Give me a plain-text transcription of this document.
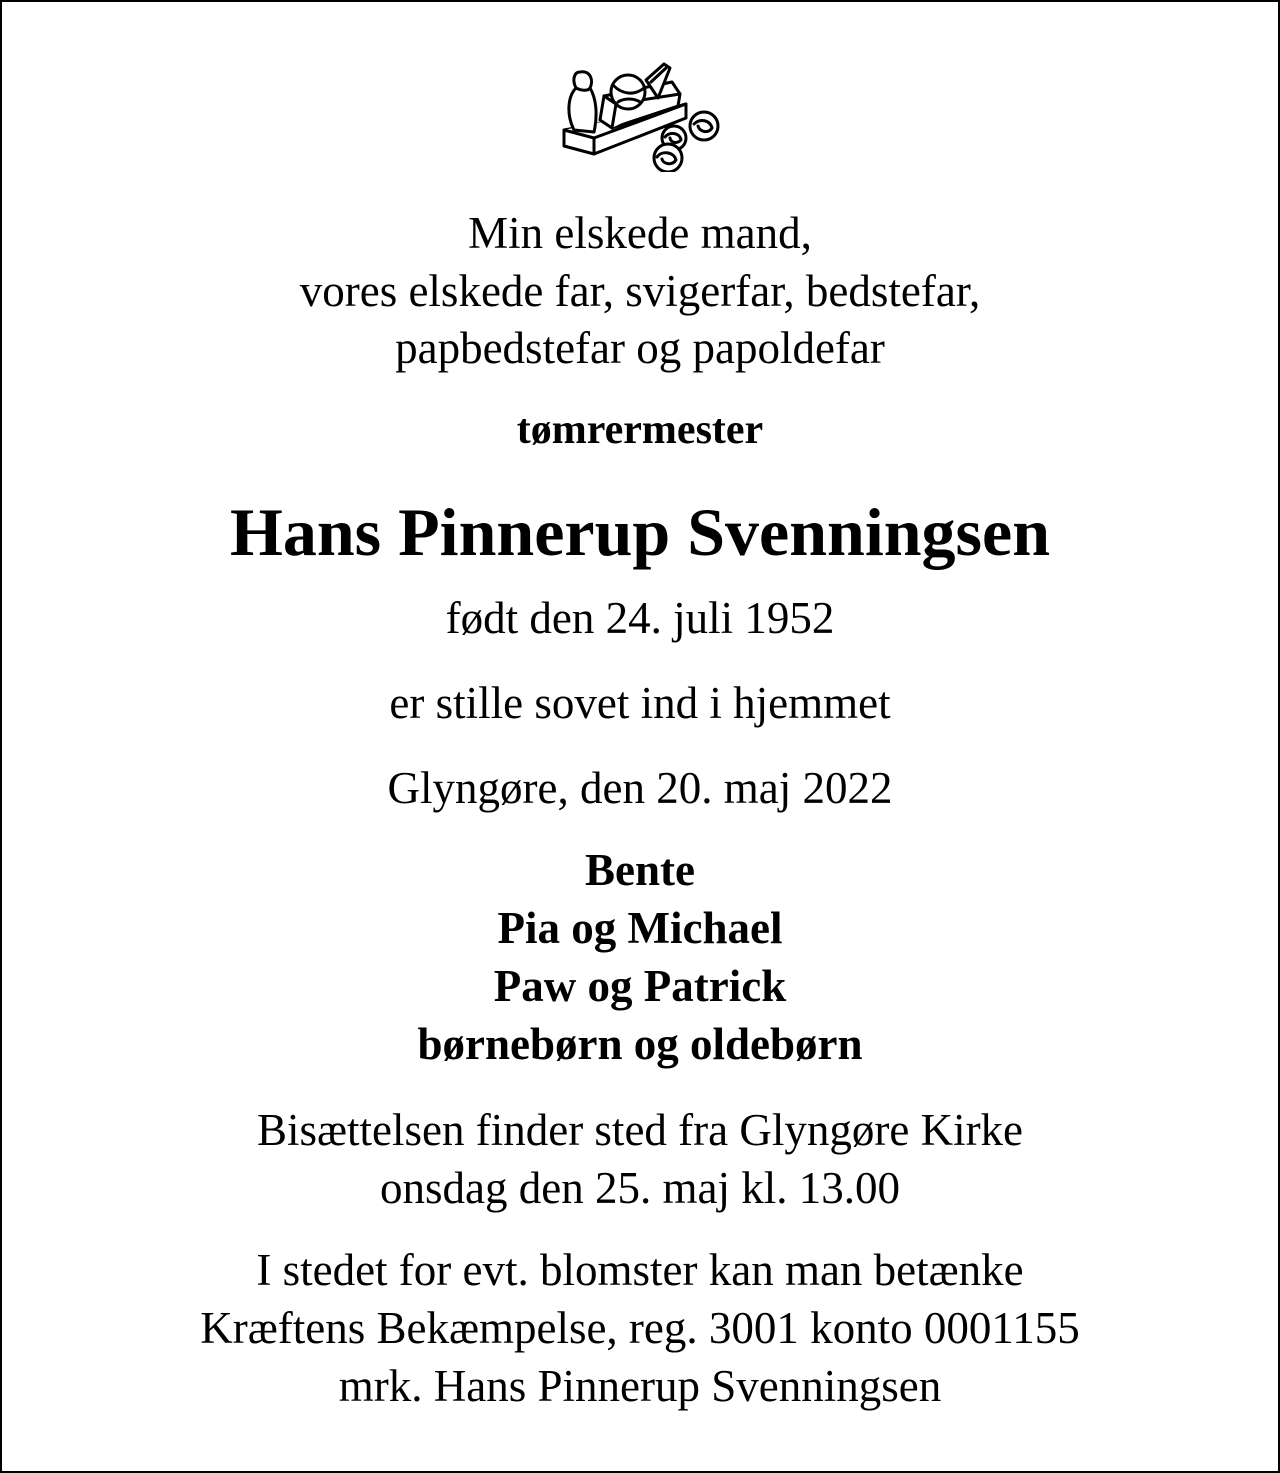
Min elskede mand,
vores elskede far, svigerfar, bedstefar,
papbedstefar og papoldefar
tømrermester
Hans Pinnerup Svenningsen
født den 24. juli 1952
er stille sovet ind i hjemmet
Glyngøre, den 20. maj 2022
Bente
Pia og Michael
Paw og Patrick
børnebørn og oldebørn
Bisættelsen finder sted fra Glyngøre Kirke
onsdag den 25. maj kl. 13.00
I stedet for evt. blomster kan man betænke
Kræftens Bekæmpelse, reg. 3001 konto 0001155
mrk. Hans Pinnerup Svenningsen
